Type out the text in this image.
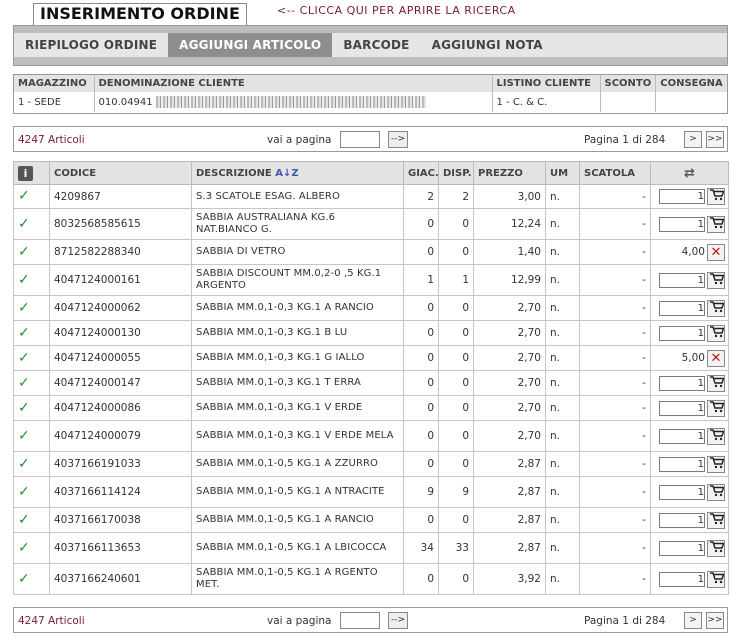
INSERIMENTO ORDINE	<-- CLICCA QUI PER APRIRE LA RICERCA
RIEPILOGO ORDINE	AGGIUNGI ARTICOLO	BARCODE	AGGIUNGI NOTA
MAGAZZINO	DENOMINAZIONE CLIENTE	LISTINO CLIENTE	SCONTO	CONSEGNA
1 - SEDE	010.04941	1 - C. & C.		
4247 Articoli	vai a pagina	-->	Pagina 1 di 284	>	>>
i	CODICE	DESCRIZIONE A↓Z	GIAC.	DISP.	PREZZO	UM	SCATOLA	⇄
✓	4209867	S.3 SCATOLE ESAG. ALBERO	2	2	3,00	n.	-	1
✓	8032568585615	SABBIA AUSTRALIANA KG.6 NAT.BIANCO G.	0	0	12,24	n.	-	1
✓	8712582288340	SABBIA DI VETRO	0	0	1,40	n.	-	4,00 ✕
✓	4047124000161	SABBIA DISCOUNT MM.0,2-0 ,5 KG.1 ARGENTO	1	1	12,99	n.	-	1
✓	4047124000062	SABBIA MM.0,1-0,3 KG.1 A RANCIO	0	0	2,70	n.	-	1
✓	4047124000130	SABBIA MM.0,1-0,3 KG.1 B LU	0	0	2,70	n.	-	1
✓	4047124000055	SABBIA MM.0,1-0,3 KG.1 G IALLO	0	0	2,70	n.	-	5,00 ✕
✓	4047124000147	SABBIA MM.0,1-0,3 KG.1 T ERRA	0	0	2,70	n.	-	1
✓	4047124000086	SABBIA MM.0,1-0,3 KG.1 V ERDE	0	0	2,70	n.	-	1
✓	4047124000079	SABBIA MM.0,1-0,3 KG.1 V ERDE MELA	0	0	2,70	n.	-	1
✓	4037166191033	SABBIA MM.0,1-0,5 KG.1 A ZZURRO	0	0	2,87	n.	-	1
✓	4037166114124	SABBIA MM.0,1-0,5 KG.1 A NTRACITE	9	9	2,87	n.	-	1
✓	4037166170038	SABBIA MM.0,1-0,5 KG.1 A RANCIO	0	0	2,87	n.	-	1
✓	4037166113653	SABBIA MM.0,1-0,5 KG.1 A LBICOCCA	34	33	2,87	n.	-	1
✓	4037166240601	SABBIA MM.0,1-0,5 KG.1 A RGENTO MET.	0	0	3,92	n.	-	1
4247 Articoli	vai a pagina	-->	Pagina 1 di 284	>	>>
